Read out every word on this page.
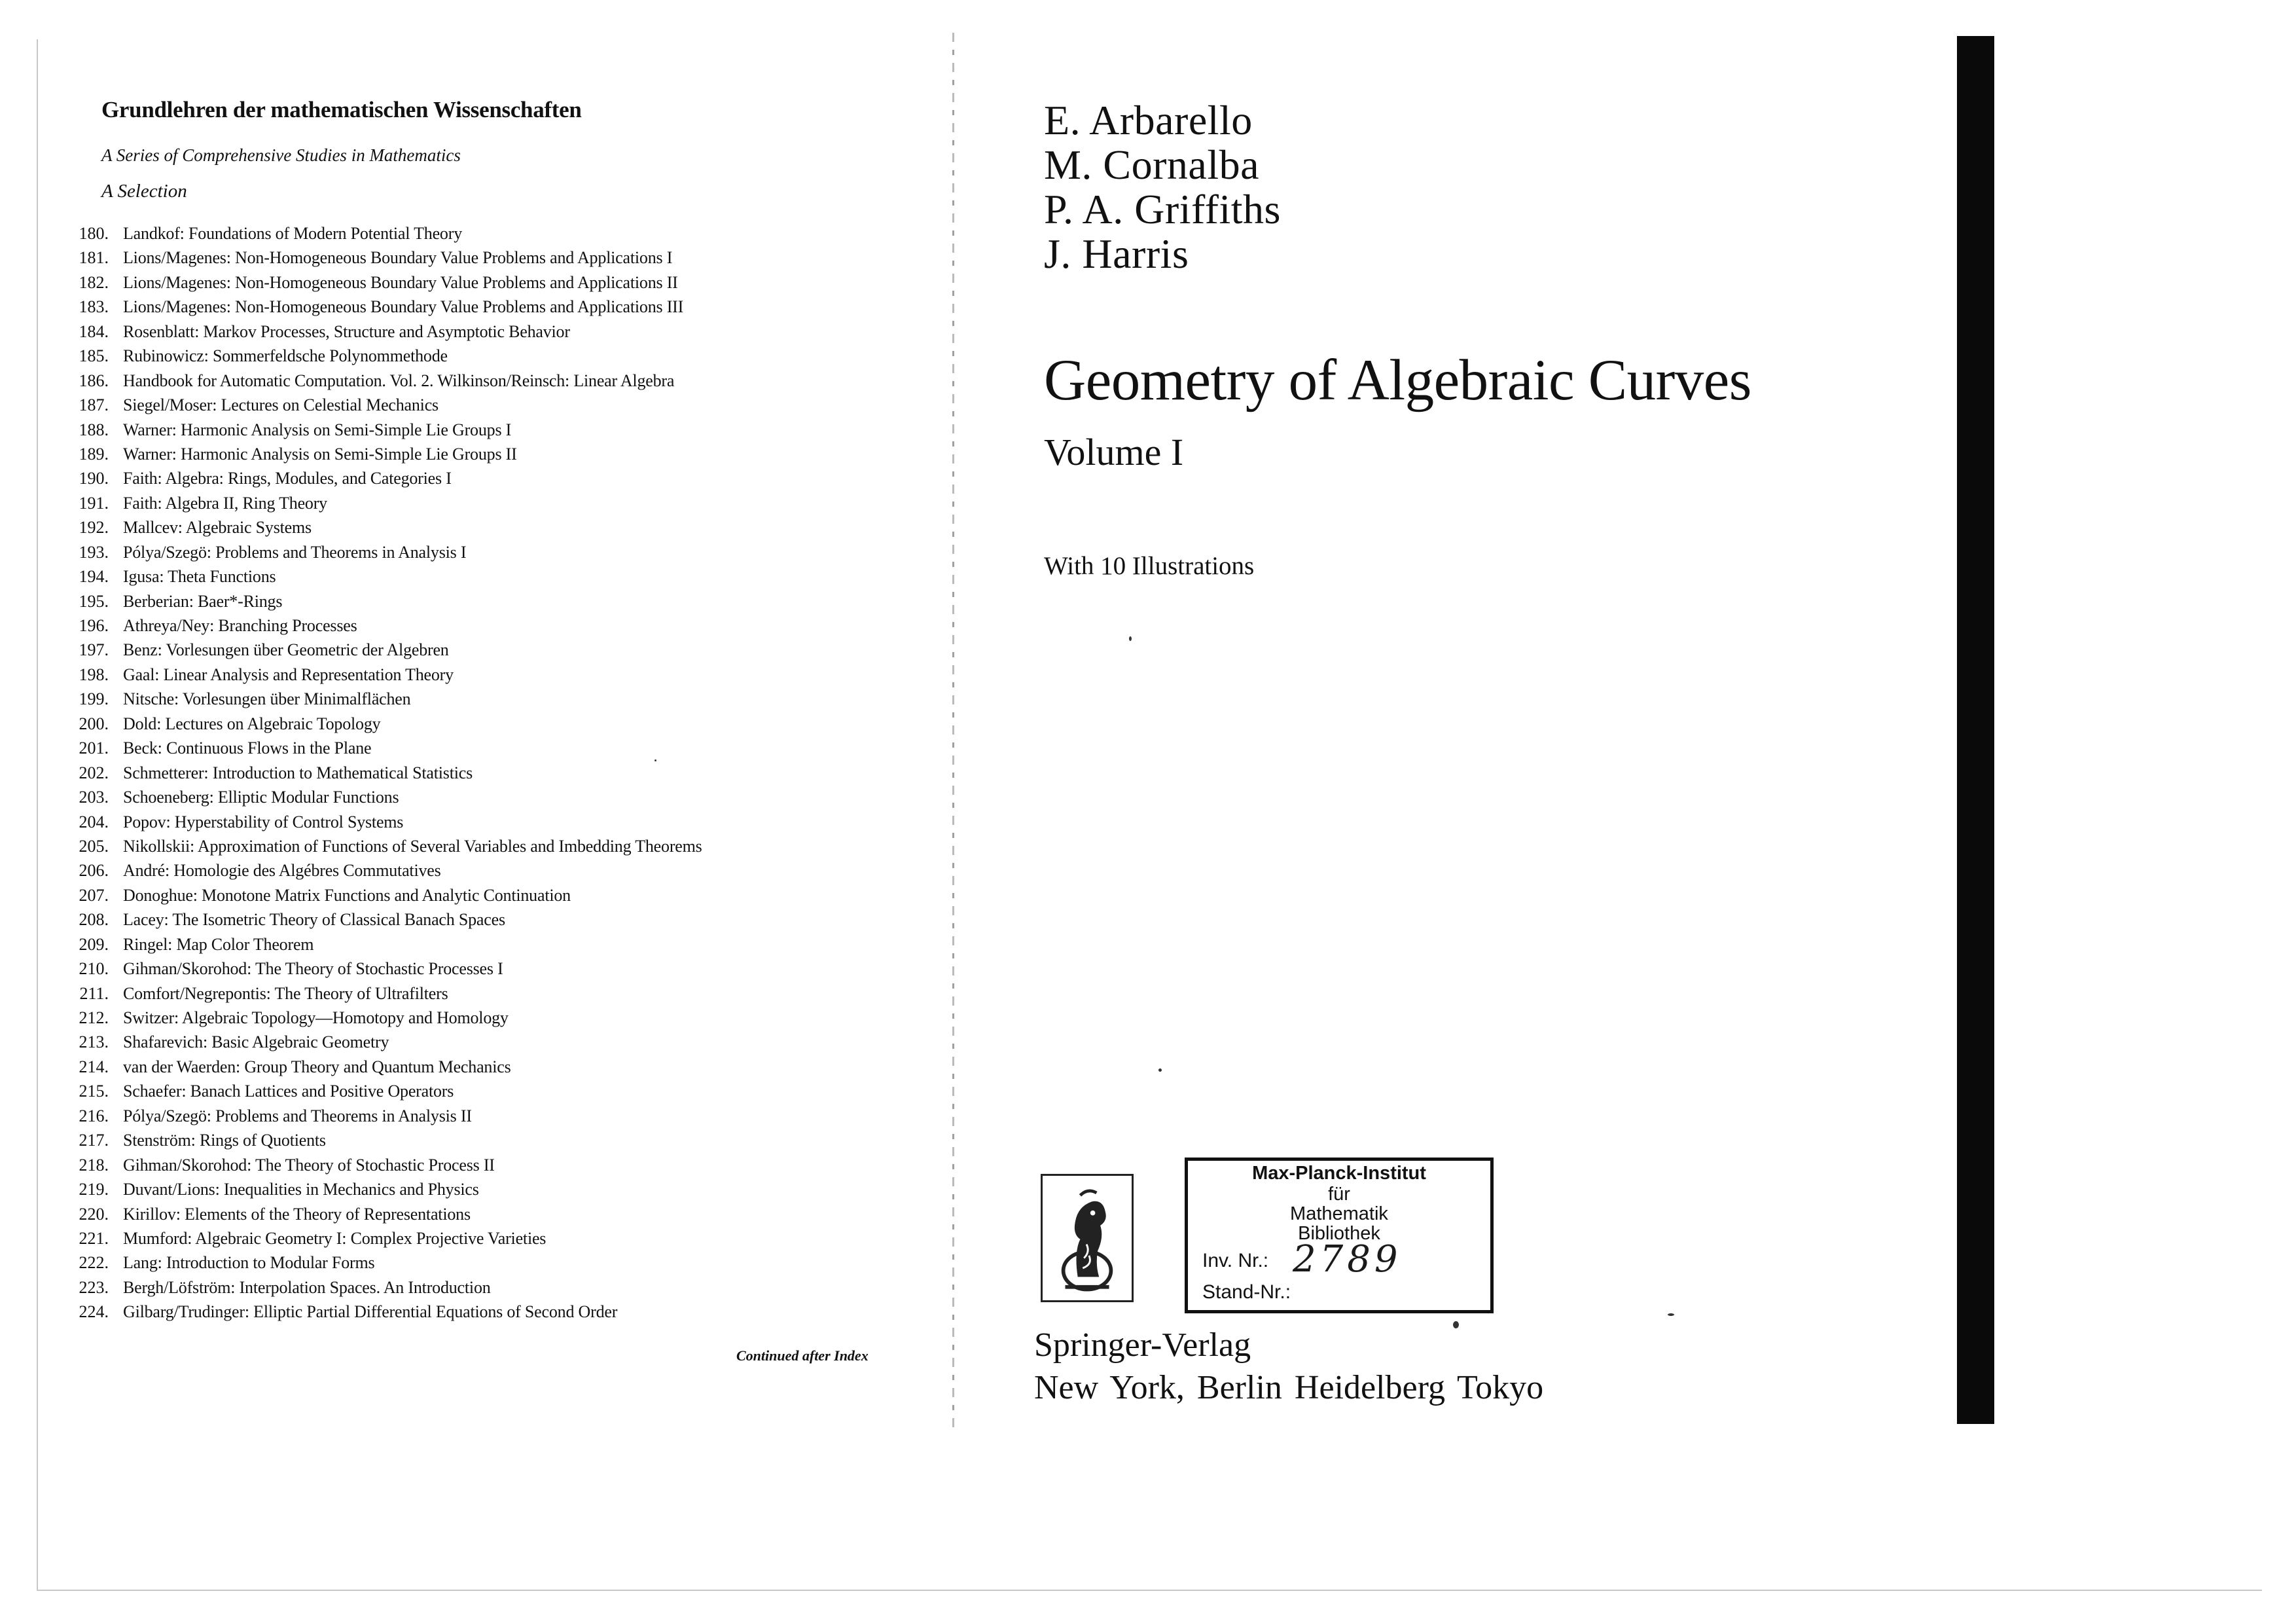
Grundlehren der mathematischen Wissenschaften
A Series of Comprehensive Studies in Mathematics
A Selection
180. Landkof: Foundations of Modern Potential Theory
181. Lions/Magenes: Non-Homogeneous Boundary Value Problems and Applications I
182. Lions/Magenes: Non-Homogeneous Boundary Value Problems and Applications II
183. Lions/Magenes: Non-Homogeneous Boundary Value Problems and Applications III
184. Rosenblatt: Markov Processes, Structure and Asymptotic Behavior
185. Rubinowicz: Sommerfeldsche Polynommethode
186. Handbook for Automatic Computation. Vol. 2. Wilkinson/Reinsch: Linear Algebra
187. Siegel/Moser: Lectures on Celestial Mechanics
188. Warner: Harmonic Analysis on Semi-Simple Lie Groups I
189. Warner: Harmonic Analysis on Semi-Simple Lie Groups II
190. Faith: Algebra: Rings, Modules, and Categories I
191. Faith: Algebra II, Ring Theory
192. Mallcev: Algebraic Systems
193. Pólya/Szegö: Problems and Theorems in Analysis I
194. Igusa: Theta Functions
195. Berberian: Baer*-Rings
196. Athreya/Ney: Branching Processes
197. Benz: Vorlesungen über Geometric der Algebren
198. Gaal: Linear Analysis and Representation Theory
199. Nitsche: Vorlesungen über Minimalflächen
200. Dold: Lectures on Algebraic Topology
201. Beck: Continuous Flows in the Plane
202. Schmetterer: Introduction to Mathematical Statistics
203. Schoeneberg: Elliptic Modular Functions
204. Popov: Hyperstability of Control Systems
205. Nikollskii: Approximation of Functions of Several Variables and Imbedding Theorems
206. André: Homologie des Algébres Commutatives
207. Donoghue: Monotone Matrix Functions and Analytic Continuation
208. Lacey: The Isometric Theory of Classical Banach Spaces
209. Ringel: Map Color Theorem
210. Gihman/Skorohod: The Theory of Stochastic Processes I
211. Comfort/Negrepontis: The Theory of Ultrafilters
212. Switzer: Algebraic Topology—Homotopy and Homology
213. Shafarevich: Basic Algebraic Geometry
214. van der Waerden: Group Theory and Quantum Mechanics
215. Schaefer: Banach Lattices and Positive Operators
216. Pólya/Szegö: Problems and Theorems in Analysis II
217. Stenström: Rings of Quotients
218. Gihman/Skorohod: The Theory of Stochastic Process II
219. Duvant/Lions: Inequalities in Mechanics and Physics
220. Kirillov: Elements of the Theory of Representations
221. Mumford: Algebraic Geometry I: Complex Projective Varieties
222. Lang: Introduction to Modular Forms
223. Bergh/Löfström: Interpolation Spaces. An Introduction
224. Gilbarg/Trudinger: Elliptic Partial Differential Equations of Second Order
Continued after Index
E. Arbarello
M. Cornalba
P. A. Griffiths
J. Harris
Geometry of Algebraic Curves
Volume I
With 10 Illustrations
Max-Planck-Institut
für
Mathematik
Bibliothek
Inv. Nr.: 2789
Stand-Nr.:
Springer-Verlag
New York, Berlin Heidelberg Tokyo
